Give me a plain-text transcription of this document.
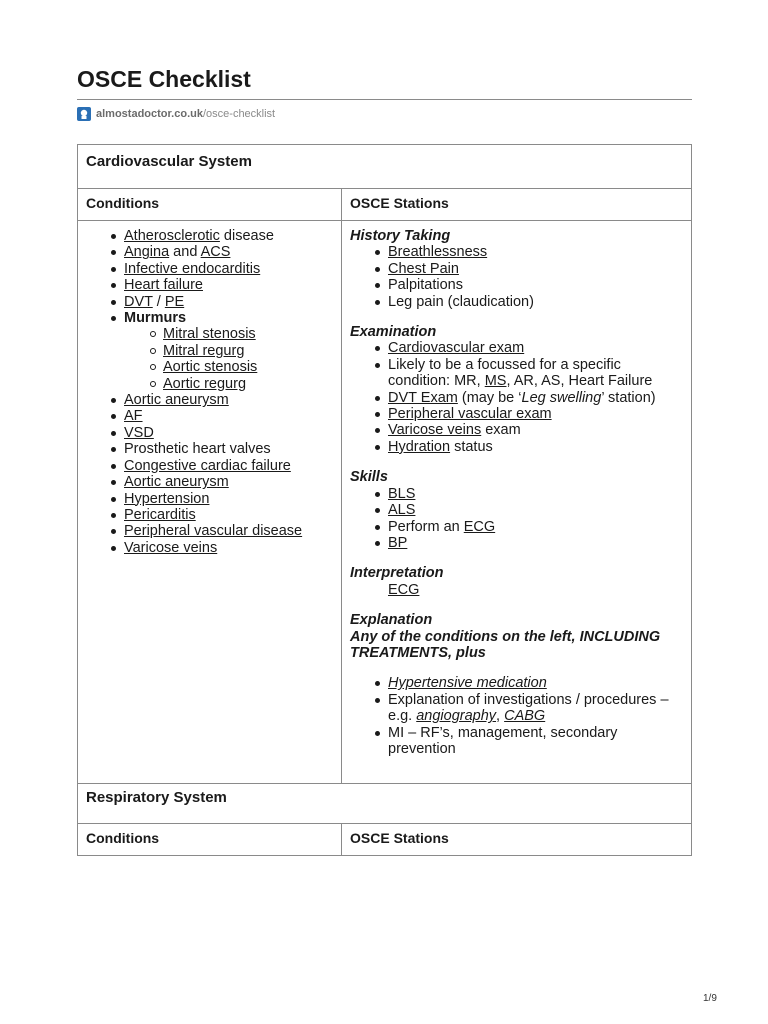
OSCE Checklist
almostadoctor.co.uk /osce-checklist
Cardiovascular System
Conditions	OSCE Stations
Atherosclerotic disease
Angina and ACS
Infective endocarditis
Heart failure
DVT / PE
Murmurs
Mitral stenosis
Mitral regurg
Aortic stenosis
Aortic regurg
Aortic aneurysm
AF
VSD
Prosthetic heart valves
Congestive cardiac failure
Aortic aneurysm
Hypertension
Pericarditis
Peripheral vascular disease
Varicose veins
History Taking
Breathlessness
Chest Pain
Palpitations
Leg pain (claudication)
Examination
Cardiovascular exam
Likely to be a focussed for a specific condition: MR, MS, AR, AS, Heart Failure
DVT Exam (may be ‘Leg swelling’ station)
Peripheral vascular exam
Varicose veins exam
Hydration status
Skills
BLS
ALS
Perform an ECG
BP
Interpretation
ECG
Explanation
Any of the conditions on the left, INCLUDING TREATMENTS, plus
Hypertensive medication
Explanation of investigations / procedures – e.g. angiography, CABG
MI – RF’s, management, secondary prevention
Respiratory System
Conditions	OSCE Stations
1/9
